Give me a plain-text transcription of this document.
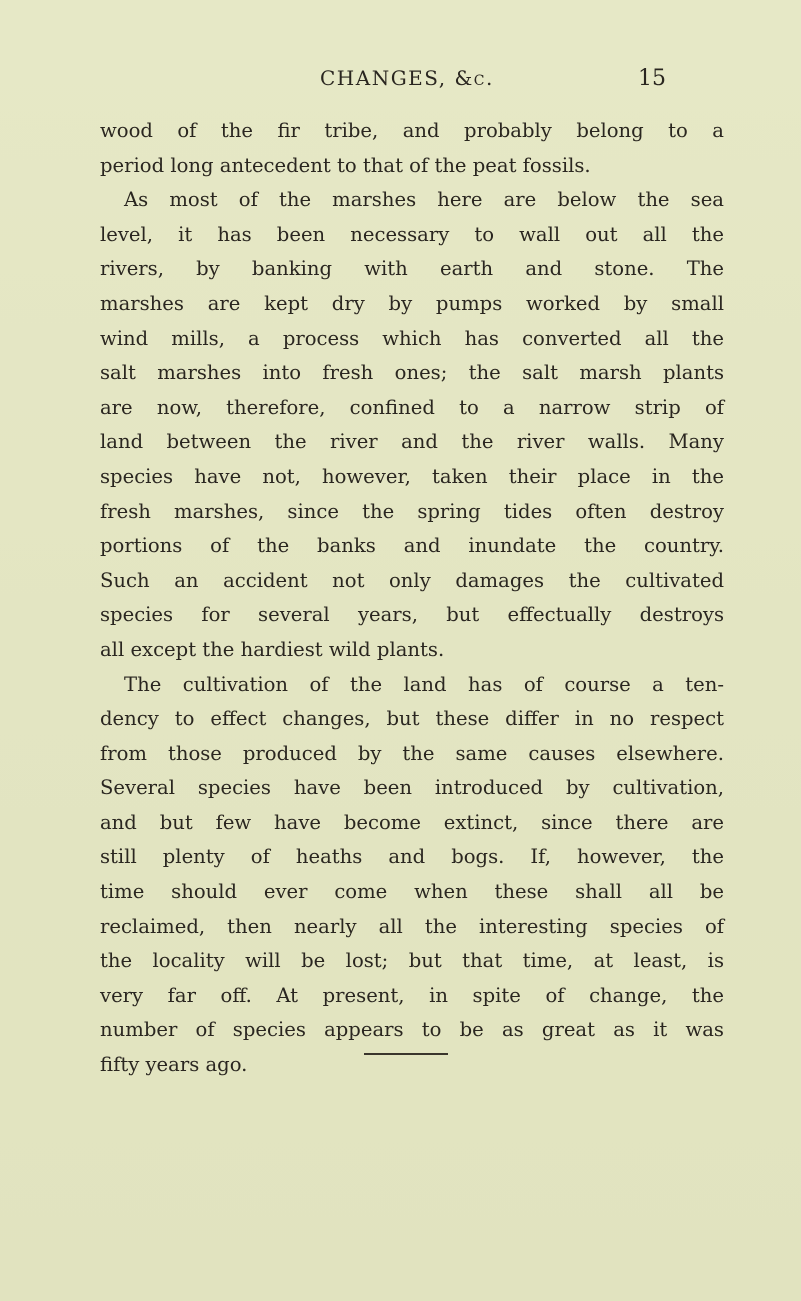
CHANGES, &c.	15

wood of the fir tribe, and probably belong to a
period long antecedent to that of the peat fossils.

As most of the marshes here are below the sea
level, it has been necessary to wall out all the
rivers, by banking with earth and stone. The
marshes are kept dry by pumps worked by small
wind mills, a process which has converted all the
salt marshes into fresh ones; the salt marsh plants
are now, therefore, confined to a narrow strip of
land between the river and the river walls. Many
species have not, however, taken their place in the
fresh marshes, since the spring tides often destroy
portions of the banks and inundate the country.
Such an accident not only damages the cultivated
species for several years, but effectually destroys
all except the hardiest wild plants.

The cultivation of the land has of course a ten-
dency to effect changes, but these differ in no respect
from those produced by the same causes elsewhere.
Several species have been introduced by cultivation,
and but few have become extinct, since there are
still plenty of heaths and bogs. If, however, the
time should ever come when these shall all be
reclaimed, then nearly all the interesting species of
the locality will be lost; but that time, at least, is
very far off. At present, in spite of change, the
number of species appears to be as great as it was
fifty years ago.
